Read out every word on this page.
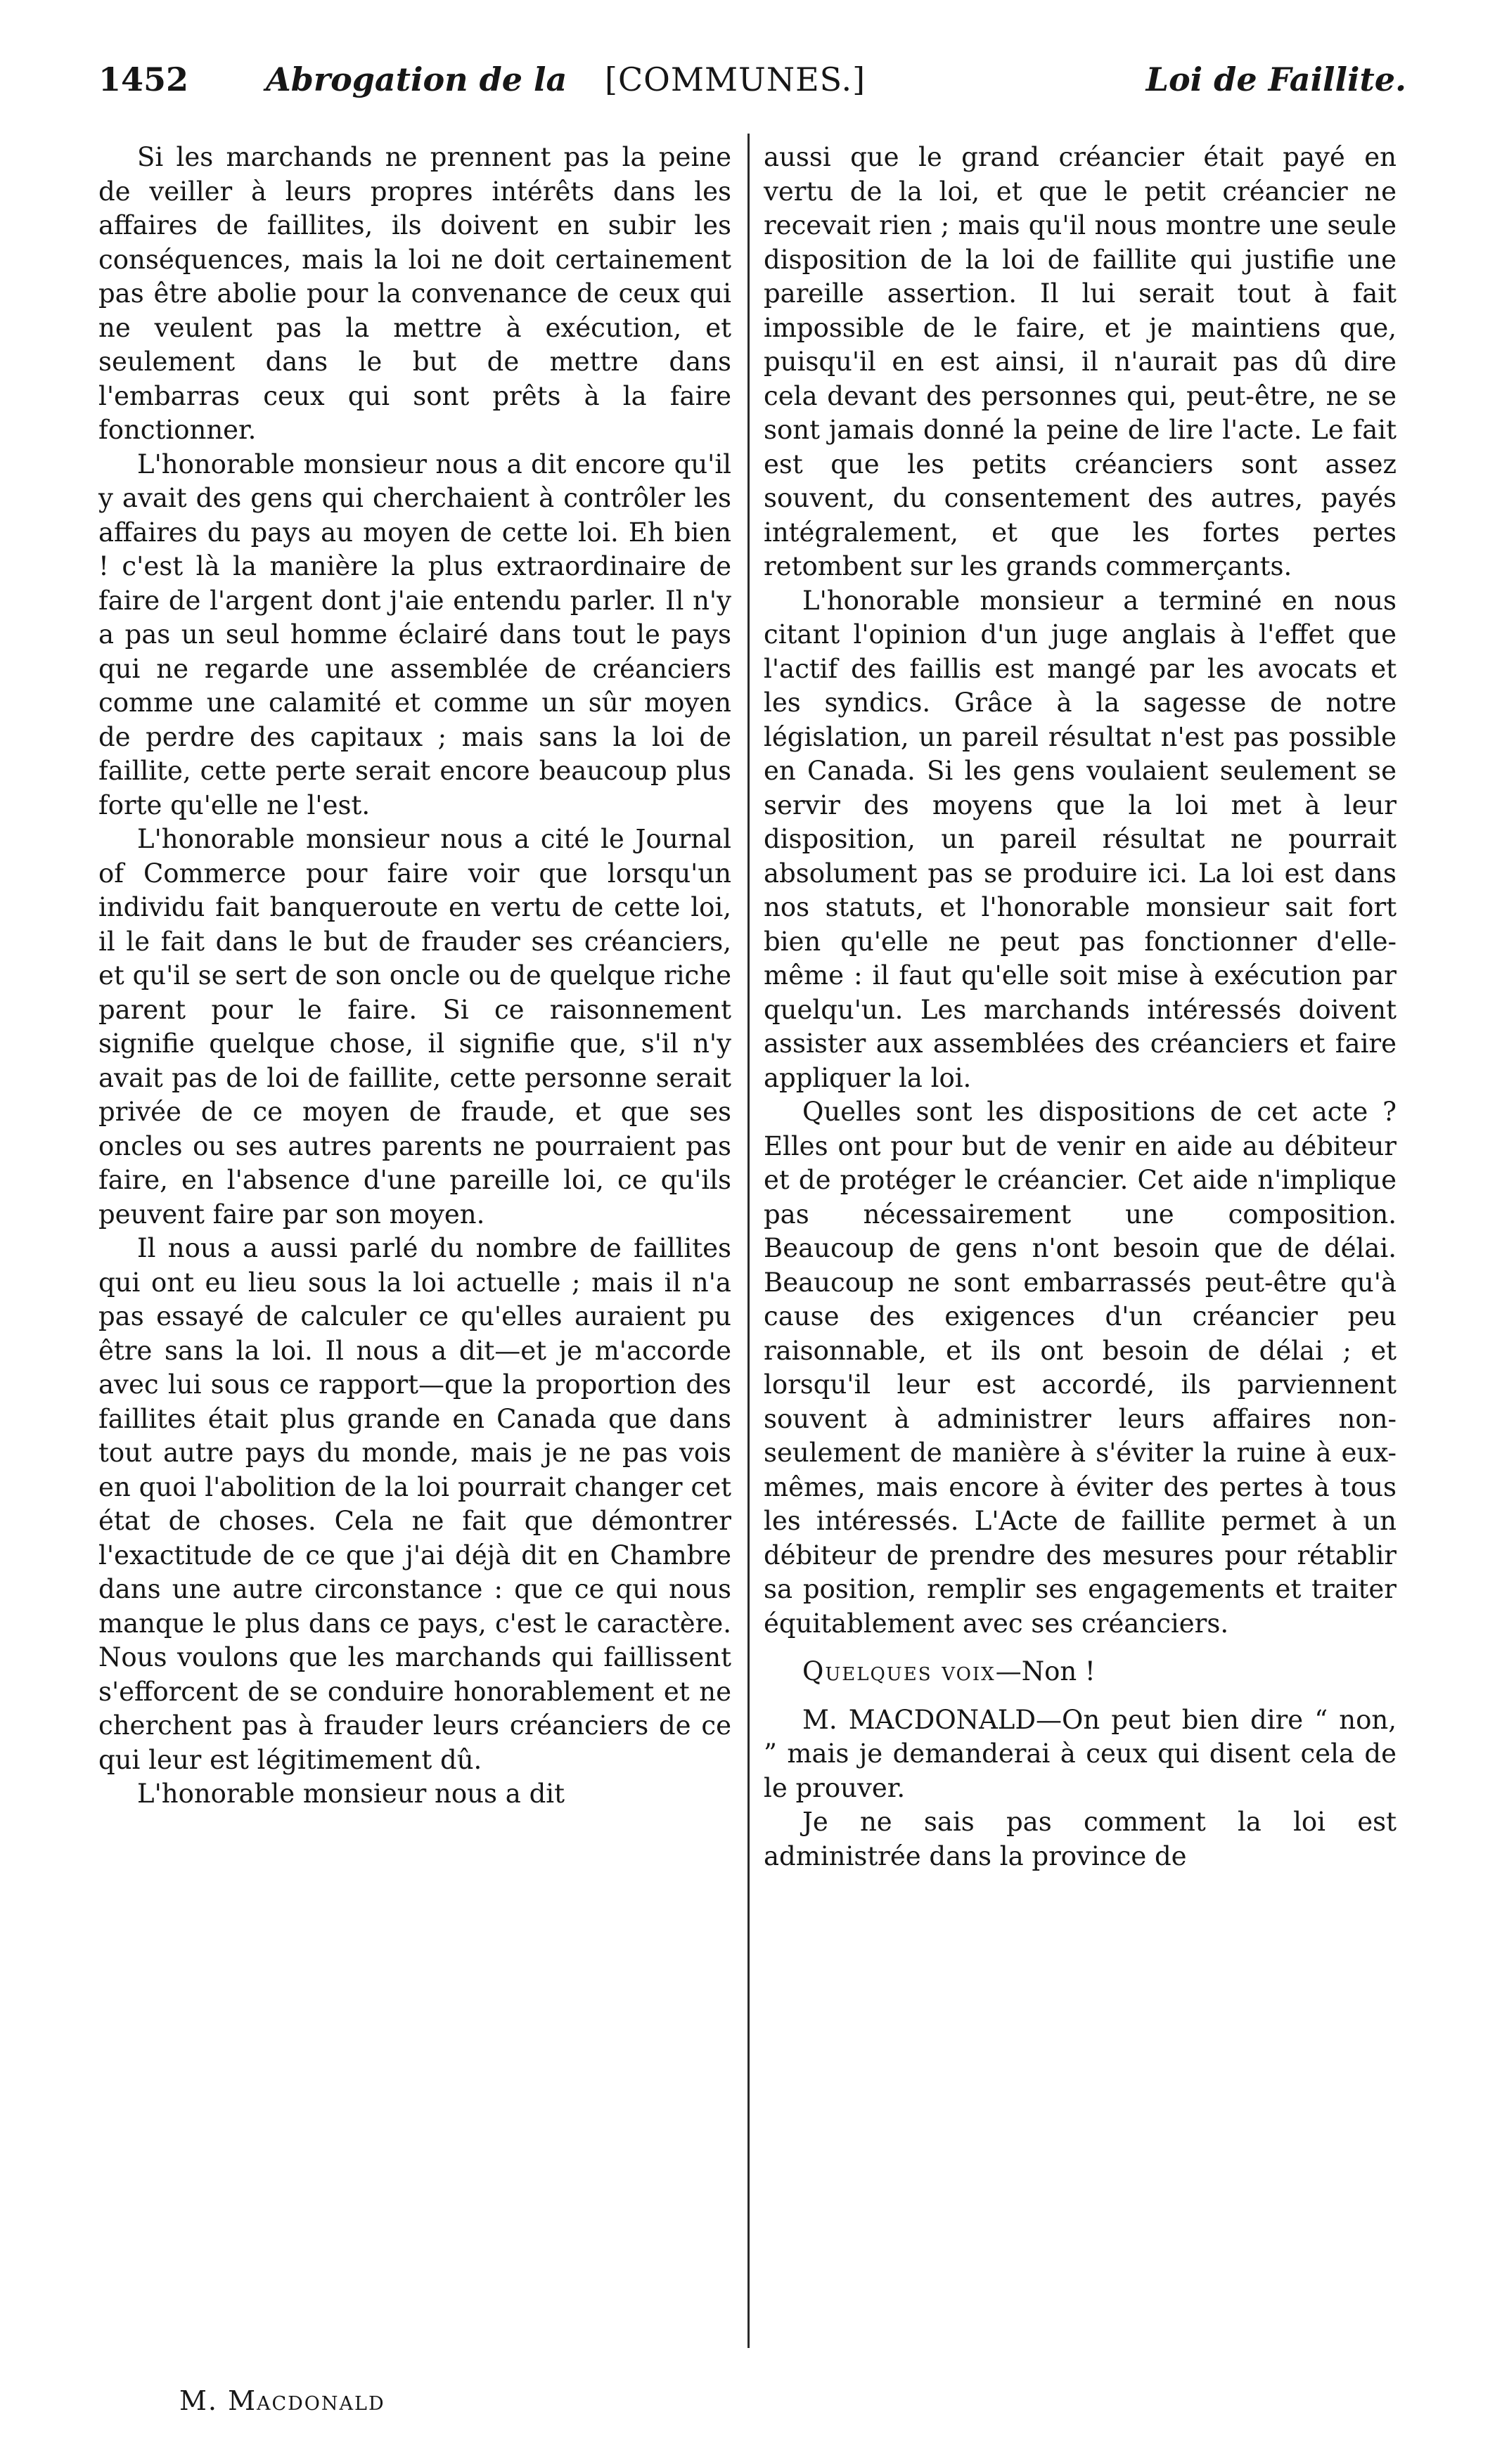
1452 Abrogation de la [COMMUNES.]	Loi de Faillite.

Si les marchands ne prennent pas la peine de veiller à leurs propres intérêts dans les affaires de faillites, ils doivent en subir les conséquences, mais la loi ne doit certainement pas être abolie pour la convenance de ceux qui ne veulent pas la mettre à exécution, et seulement dans le but de mettre dans l'embarras ceux qui sont prêts à la faire fonctionner.

L'honorable monsieur nous a dit encore qu'il y avait des gens qui cherchaient à contrôler les affaires du pays au moyen de cette loi. Eh bien ! c'est là la manière la plus extraordinaire de faire de l'argent dont j'aie entendu parler. Il n'y a pas un seul homme éclairé dans tout le pays qui ne regarde une assemblée de créanciers comme une calamité et comme un sûr moyen de perdre des capitaux ; mais sans la loi de faillite, cette perte serait encore beaucoup plus forte qu'elle ne l'est.

L'honorable monsieur nous a cité le Journal of Commerce pour faire voir que lorsqu'un individu fait banqueroute en vertu de cette loi, il le fait dans le but de frauder ses créanciers, et qu'il se sert de son oncle ou de quelque riche parent pour le faire. Si ce raisonnement signifie quelque chose, il signifie que, s'il n'y avait pas de loi de faillite, cette personne serait privée de ce moyen de fraude, et que ses oncles ou ses autres parents ne pourraient pas faire, en l'absence d'une pareille loi, ce qu'ils peuvent faire par son moyen.

Il nous a aussi parlé du nombre de faillites qui ont eu lieu sous la loi actuelle ; mais il n'a pas essayé de calculer ce qu'elles auraient pu être sans la loi. Il nous a dit—et je m'accorde avec lui sous ce rapport—que la proportion des faillites était plus grande en Canada que dans tout autre pays du monde, mais je ne pas vois en quoi l'abolition de la loi pourrait changer cet état de choses. Cela ne fait que démontrer l'exactitude de ce que j'ai déjà dit en Chambre dans une autre circonstance : que ce qui nous manque le plus dans ce pays, c'est le caractère. Nous voulons que les marchands qui faillissent s'efforcent de se conduire honorablement et ne cherchent pas à frauder leurs créanciers de ce qui leur est légitimement dû.

L'honorable monsieur nous a dit

aussi que le grand créancier était payé en vertu de la loi, et que le petit créancier ne recevait rien ; mais qu'il nous montre une seule disposition de la loi de faillite qui justifie une pareille assertion. Il lui serait tout à fait impossible de le faire, et je maintiens que, puisqu'il en est ainsi, il n'aurait pas dû dire cela devant des personnes qui, peut-être, ne se sont jamais donné la peine de lire l'acte. Le fait est que les petits créanciers sont assez souvent, du consentement des autres, payés intégralement, et que les fortes pertes retombent sur les grands commerçants.

L'honorable monsieur a terminé en nous citant l'opinion d'un juge anglais à l'effet que l'actif des faillis est mangé par les avocats et les syndics. Grâce à la sagesse de notre législation, un pareil résultat n'est pas possible en Canada. Si les gens voulaient seulement se servir des moyens que la loi met à leur disposition, un pareil résultat ne pourrait absolument pas se produire ici. La loi est dans nos statuts, et l'honorable monsieur sait fort bien qu'elle ne peut pas fonctionner d'elle-même : il faut qu'elle soit mise à exécution par quelqu'un. Les marchands intéressés doivent assister aux assemblées des créanciers et faire appliquer la loi.

Quelles sont les dispositions de cet acte ? Elles ont pour but de venir en aide au débiteur et de protéger le créancier. Cet aide n'implique pas nécessairement une composition. Beaucoup de gens n'ont besoin que de délai. Beaucoup ne sont embarrassés peut-être qu'à cause des exigences d'un créancier peu raisonnable, et ils ont besoin de délai ; et lorsqu'il leur est accordé, ils parviennent souvent à administrer leurs affaires non-seulement de manière à s'éviter la ruine à eux-mêmes, mais encore à éviter des pertes à tous les intéressés. L'Acte de faillite permet à un débiteur de prendre des mesures pour rétablir sa position, remplir ses engagements et traiter équitablement avec ses créanciers.

Quelques voix—Non !

M. MACDONALD—On peut bien dire “ non, ” mais je demanderai à ceux qui disent cela de le prouver.

Je ne sais pas comment la loi est administrée dans la province de

M. Macdonald
